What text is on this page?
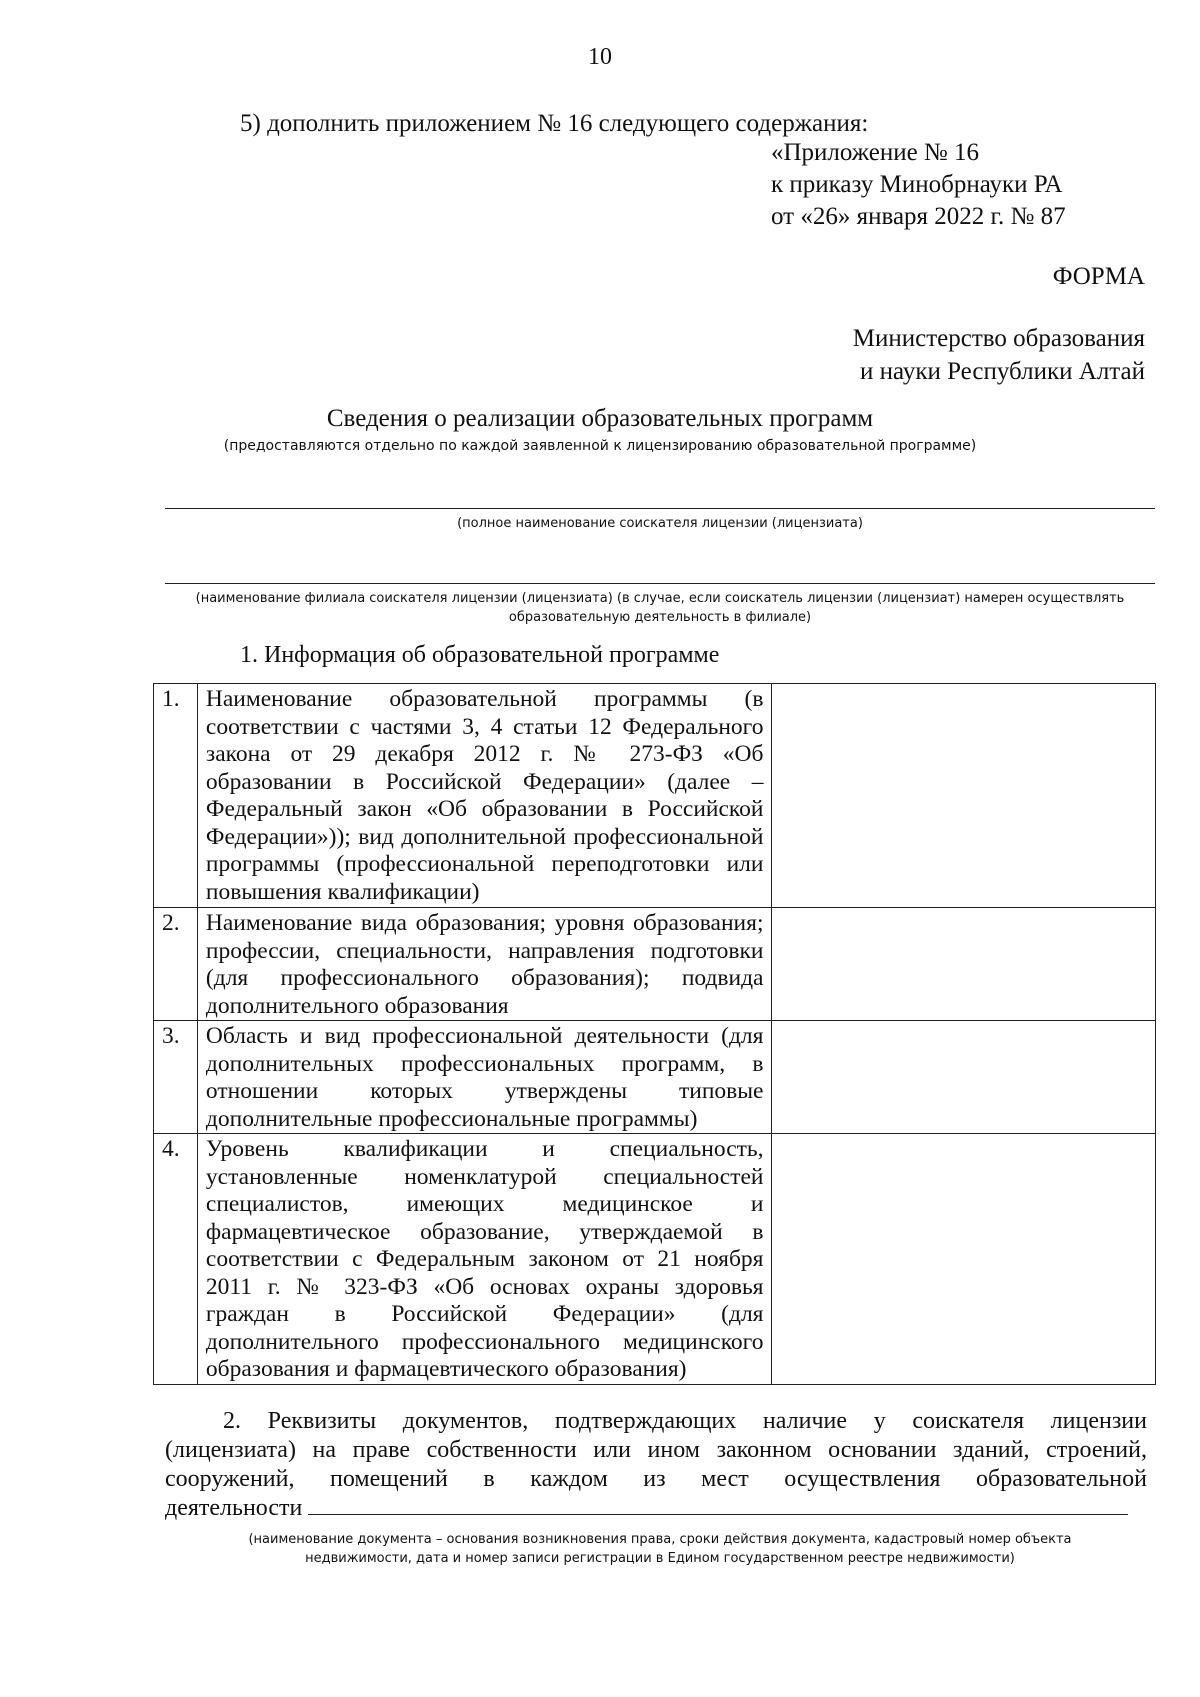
10
5) дополнить приложением № 16 следующего содержания:
«Приложение № 16
к приказу Минобрнауки РА
от «26» января 2022 г. № 87
ФОРМА
Министерство образования
и науки Республики Алтай
Сведения о реализации образовательных программ
(предоставляются отдельно по каждой заявленной к лицензированию образовательной программе)
(полное наименование соискателя лицензии (лицензиата)
(наименование филиала соискателя лицензии (лицензиата) (в случае, если соискатель лицензии (лицензиат) намерен осуществлять
образовательную деятельность в филиале)
1. Информация об образовательной программе
1.	Наименование образовательной программы (в соответствии с частями 3, 4 статьи 12 Федерального закона от 29 декабря 2012 г. № 273-ФЗ «Об образовании в Российской Федерации» (далее – Федеральный закон «Об образовании в Российской Федерации»)); вид дополнительной профессиональной программы (профессиональной переподготовки или повышения квалификации)	
2.	Наименование вида образования; уровня образования; профессии, специальности, направления подготовки (для профессионального образования); подвида дополнительного образования	
3.	Область и вид профессиональной деятельности (для дополнительных профессиональных программ, в отношении которых утверждены типовые дополнительные профессиональные программы)	
4.	Уровень квалификации и специальность, установленные номенклатурой специальностей специалистов, имеющих медицинское и фармацевтическое образование, утверждаемой в соответствии с Федеральным законом от 21 ноября 2011 г. № 323-ФЗ «Об основах охраны здоровья граждан в Российской Федерации» (для дополнительного профессионального медицинского образования и фармацевтического образования)	
2. Реквизиты документов, подтверждающих наличие у соискателя лицензии
(лицензиата) на праве собственности или ином законном основании зданий, строений,
сооружений, помещений в каждом из мест осуществления образовательной
деятельности
(наименование документа – основания возникновения права, сроки действия документа, кадастровый номер объекта
недвижимости, дата и номер записи регистрации в Едином государственном реестре недвижимости)
